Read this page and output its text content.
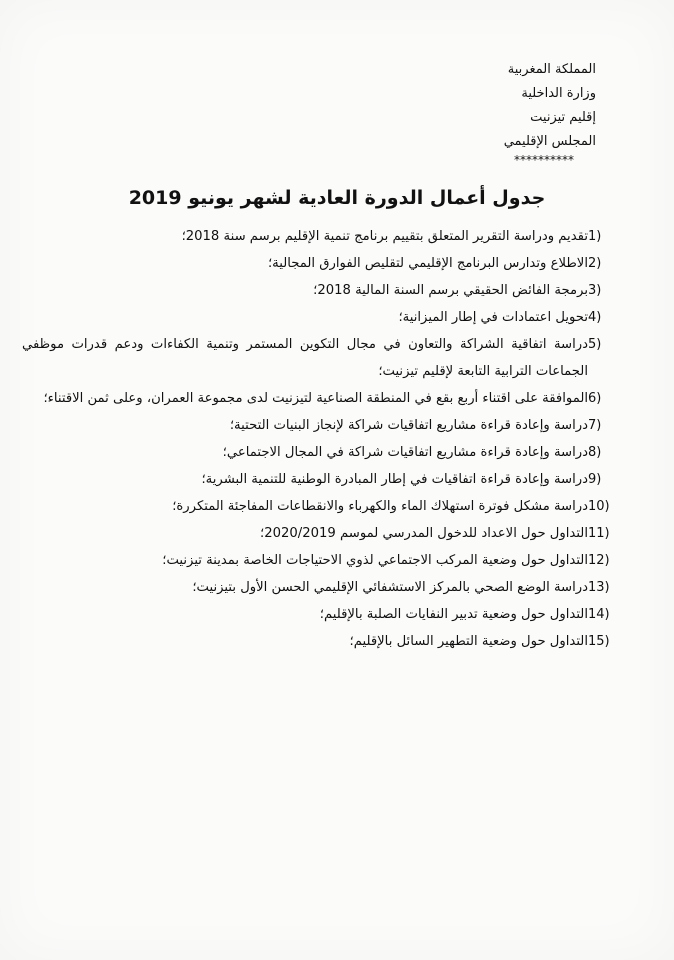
المملكة المغربية
وزارة الداخلية
إقليم تيزنيت
المجلس الإقليمي
**********
جدول أعمال الدورة العادية لشهر يونيو 2019
1)
تقديم ودراسة التقرير المتعلق بتقييم برنامج تنمية الإقليم برسم سنة 2018؛
2)
الاطلاع وتدارس البرنامج الإقليمي لتقليص الفوارق المجالية؛
3)
برمجة الفائض الحقيقي برسم السنة المالية 2018؛
4)
تحويل اعتمادات في إطار الميزانية؛
5)
دراسة اتفاقية الشراكة والتعاون في مجال التكوين المستمر وتنمية الكفاءات ودعم قدرات موظفي الجماعات الترابية التابعة لإقليم تيزنيت؛
6)
الموافقة على اقتناء أربع بقع في المنطقة الصناعية لتيزنيت لدى مجموعة العمران، وعلى ثمن الاقتناء؛
7)
دراسة وإعادة قراءة مشاريع اتفاقيات شراكة لإنجاز البنيات التحتية؛
8)
دراسة وإعادة قراءة مشاريع اتفاقيات شراكة في المجال الاجتماعي؛
9)
دراسة وإعادة قراءة اتفاقيات في إطار المبادرة الوطنية للتنمية البشرية؛
10)
دراسة مشكل فوترة استهلاك الماء والكهرباء والانقطاعات المفاجئة المتكررة؛
11)
التداول حول الاعداد للدخول المدرسي لموسم 2020/2019؛
12)
التداول حول وضعية المركب الاجتماعي لذوي الاحتياجات الخاصة بمدينة تيزنيت؛
13)
دراسة الوضع الصحي بالمركز الاستشفائي الإقليمي الحسن الأول بتيزنيت؛
14)
التداول حول وضعية تدبير النفايات الصلبة بالإقليم؛
15)
التداول حول وضعية التطهير السائل بالإقليم؛
